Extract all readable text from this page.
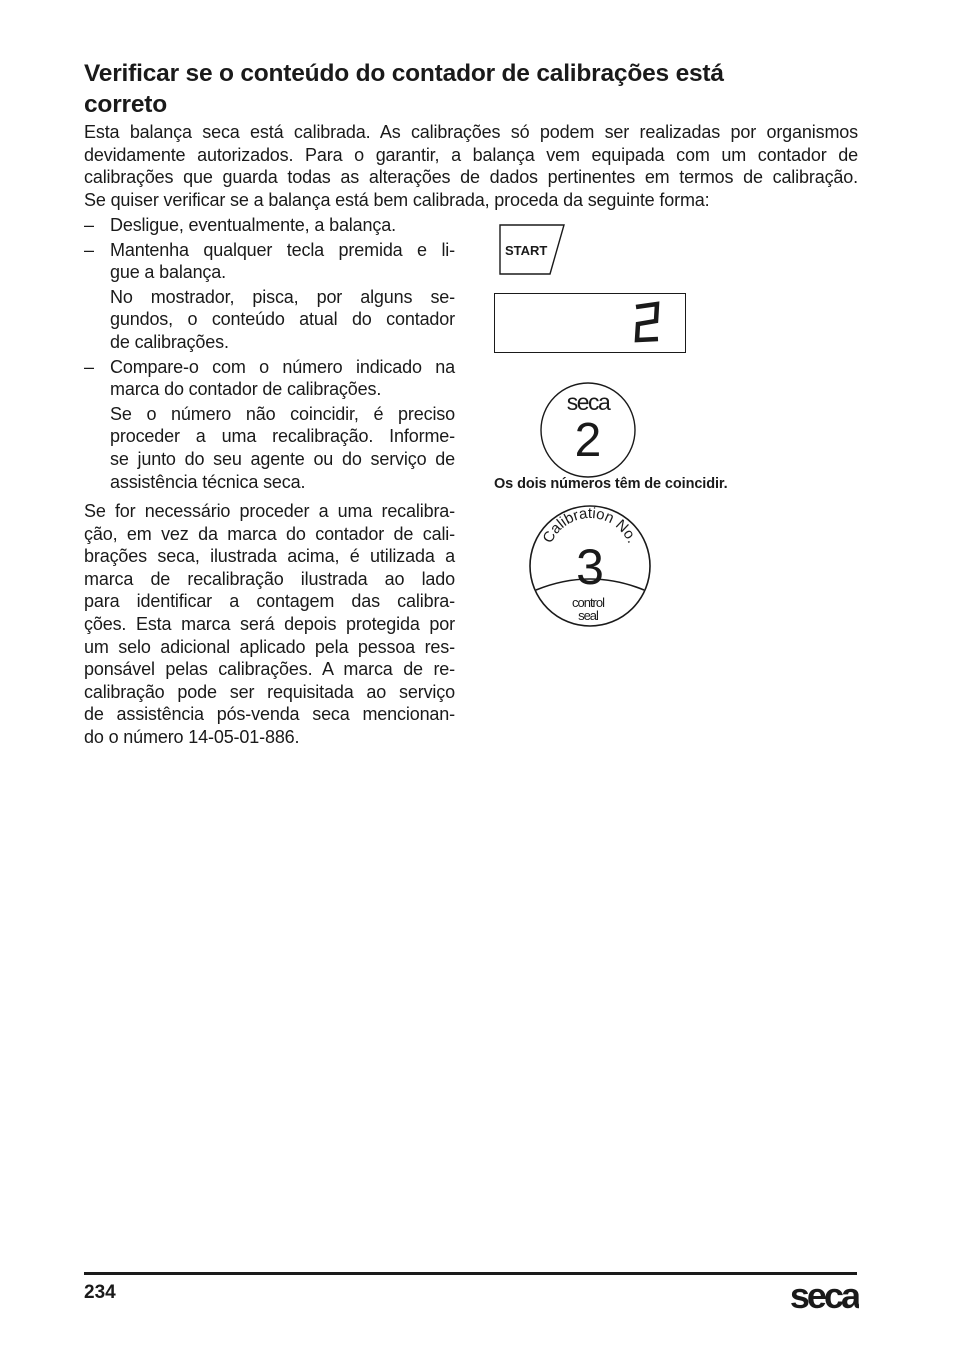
Verificar se o conteúdo do contador de calibrações está
correto

Esta balança seca está calibrada. As calibrações só podem ser realizadas por organismos
devidamente autorizados. Para o garantir, a balança vem equipada com um contador de
calibrações que guarda todas as alterações de dados pertinentes em termos de calibração.
Se quiser verificar se a balança está bem calibrada, proceda da seguinte forma:

– Desligue, eventualmente, a balança.
– Mantenha qualquer tecla premida e li-
gue a balança.
No mostrador, pisca, por alguns se-
gundos, o conteúdo atual do contador
de calibrações.
– Compare-o com o número indicado na
marca do contador de calibrações.
Se o número não coincidir, é preciso
proceder a uma recalibração. Informe-
se junto do seu agente ou do serviço de
assistência técnica seca.

Se for necessário proceder a uma recalibra-
ção, em vez da marca do contador de cali-
brações seca, ilustrada acima, é utilizada a
marca de recalibração ilustrada ao lado
para identificar a contagem das calibra-
ções. Esta marca será depois protegida por
um selo adicional aplicado pela pessoa res-
ponsável pelas calibrações. A marca de re-
calibração pode ser requisitada ao serviço
de assistência pós-venda seca mencionan-
do o número 14-05-01-886.

START
seca
2

Os dois números têm de coincidir.

Calibration No.
3
control
seal
234	seca
